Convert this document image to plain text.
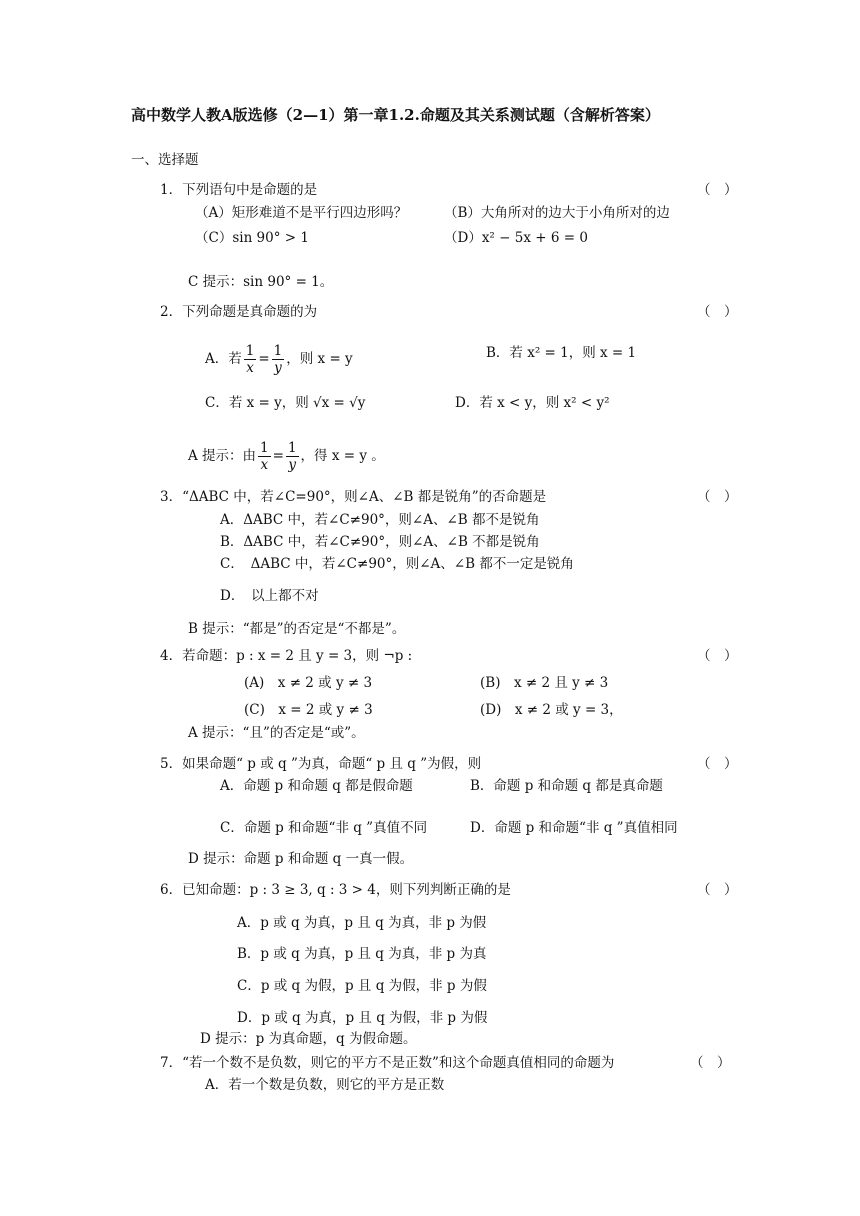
高中数学人教A版选修（2—1）第一章1.2.命题及其关系测试题（含解析答案）
一、选择题
1．下列语句中是命题的是	（　）
（A）矩形难道不是平行四边形吗？	（B）大角所对的边大于小角所对的边
（C）sin 90° > 1	（D）x² − 5x + 6 = 0
C 提示：sin 90° = 1。
2．下列命题是真命题的为	（　）
A．若 $\frac{1}{x} = \frac{1}{y}$ ，则 x = y	B．若 x² = 1，则 x = 1
C．若 x = y，则 √x = √y	D．若 x < y，则 x² < y²
A 提示：由 $\frac{1}{x} = \frac{1}{y}$ ，得 x = y 。
3．“ΔABC 中，若∠C=90°，则∠A、∠B 都是锐角”的否命题是	（　）
A．ΔABC 中，若∠C≠90°，则∠A、∠B 都不是锐角
B．ΔABC 中，若∠C≠90°，则∠A、∠B 不都是锐角
C．　ΔABC 中，若∠C≠90°，则∠A、∠B 都不一定是锐角
D．　以上都不对
B 提示：“都是”的否定是“不都是”。
4．若命题：p : x = 2 且 y = 3，则 ¬p :	（　）
(A)　x ≠ 2 或 y ≠ 3	(B)　x ≠ 2 且 y ≠ 3
(C)　x = 2 或 y ≠ 3	(D)　x ≠ 2 或 y = 3，
A 提示：“且”的否定是“或”。
5．如果命题“ p 或 q ”为真，命题“ p 且 q ”为假，则	（　）
A．命题 p 和命题 q 都是假命题	B．命题 p 和命题 q 都是真命题
C．命题 p 和命题“非 q ”真值不同	D．命题 p 和命题“非 q ”真值相同
D 提示：命题 p 和命题 q 一真一假。
6．已知命题：p : 3 ≥ 3, q : 3 > 4，则下列判断正确的是	（　）
A．p 或 q 为真，p 且 q 为真，非 p 为假
B．p 或 q 为真，p 且 q 为真，非 p 为真
C．p 或 q 为假，p 且 q 为假，非 p 为假
D．p 或 q 为真，p 且 q 为假，非 p 为假
D 提示：p 为真命题，q 为假命题。
7．“若一个数不是负数，则它的平方不是正数”和这个命题真值相同的命题为	（　）
A．若一个数是负数，则它的平方是正数
